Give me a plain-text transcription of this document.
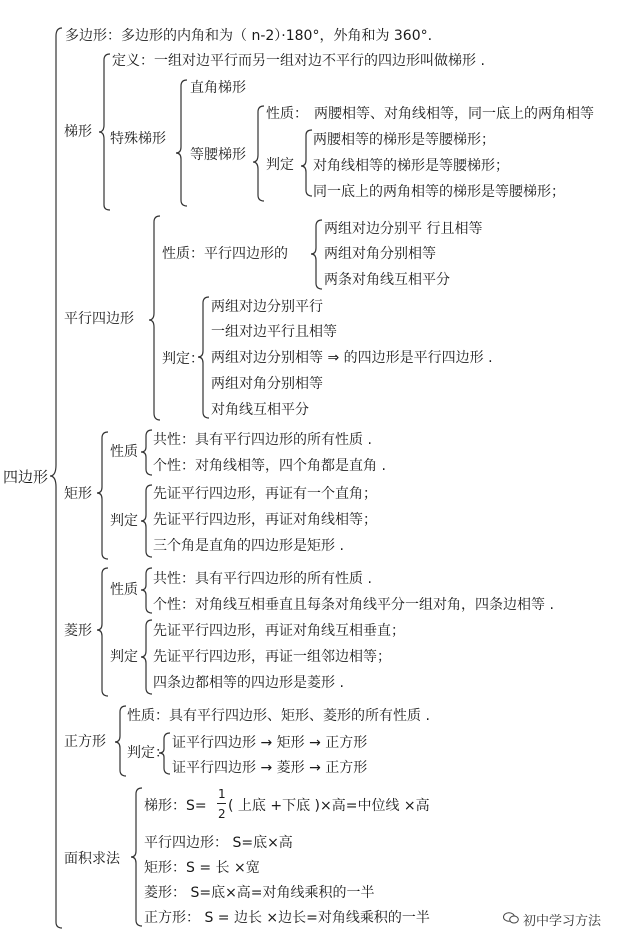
四边形
多边形：多边形的内角和为（ n-2）·180°，外角和为 360°.
梯形
定义：一组对边平行而另一组对边不平行的四边形叫做梯形 .
直角梯形
特殊梯形
等腰梯形
性质： 两腰相等、对角线相等，同一底上的两角相等
判定
两腰相等的梯形是等腰梯形；
对角线相等的梯形是等腰梯形；
同一底上的两角相等的梯形是等腰梯形；
平行四边形
性质：平行四边形的
两组对边分别平 行且相等
两组对角分别相等
两条对角线互相平分
判定：
两组对边分别平行
一组对边平行且相等
两组对边分别相等 ⇒ 的四边形是平行四边形 .
两组对角分别相等
对角线互相平分
矩形
性质
共性：具有平行四边形的所有性质 .
个性：对角线相等，四个角都是直角 .
判定
先证平行四边形，再证有一个直角；
先证平行四边形，再证对角线相等；
三个角是直角的四边形是矩形 .
菱形
性质
共性：具有平行四边形的所有性质 .
个性：对角线互相垂直且每条对角线平分一组对角，四条边相等 .
判定
先证平行四边形，再证对角线互相垂直；
先证平行四边形，再证一组邻边相等；
四条边都相等的四边形是菱形 .
正方形
性质：具有平行四边形、矩形、菱形的所有性质 .
判定：
证平行四边形 → 矩形 → 正方形
证平行四边形 → 菱形 → 正方形
面积求法
梯形：S=
1
2 ( 上底 +下底 )×高=中位线 ×高
平行四边形： S=底×高
矩形：S = 长 ×宽
菱形： S=底×高=对角线乘积的一半
正方形： S = 边长 ×边长=对角线乘积的一半	初中学习方法
